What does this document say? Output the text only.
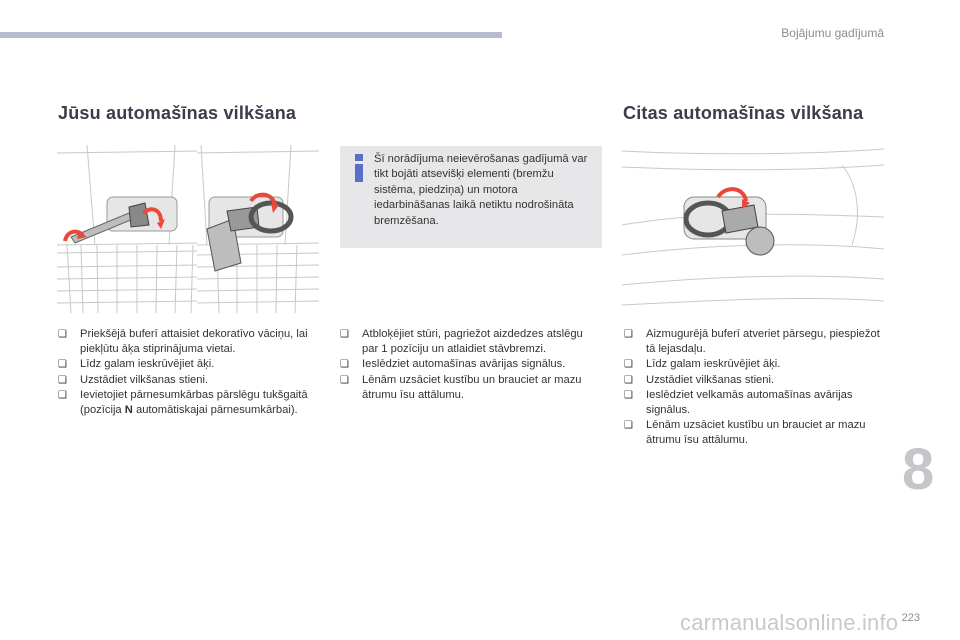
Bojājumu gadījumā
Jūsu automašīnas vilkšana	Citas automašīnas vilkšana

Šī norādījuma neievērošanas gadījumā var tikt bojāti atsevišķi elementi (bremžu sistēma, piedziņa) un motora iedarbināšanas laikā netiktu nodrošināta bremzēšana.

❑ Priekšējā buferī attaisiet dekoratīvo vāciņu, lai piekļūtu āķa stiprinājuma vietai.
❑ Līdz galam ieskrūvējiet āķi.
❑ Uzstādiet vilkšanas stieni.
❑ Ievietojiet pārnesumkārbas pārslēgu tukšgaitā (pozīcija N automātiskajai pārnesumkārbai).
❑ Atbloķējiet stūri, pagriežot aizdedzes atslēgu par 1 pozīciju un atlaidiet stāvbremzi.
❑ Ieslēdziet automašīnas avārijas signālus.
❑ Lēnām uzsāciet kustību un brauciet ar mazu ātrumu īsu attālumu.
❑ Aizmugurējā buferī atveriet pārsegu, piespiežot tā lejasdaļu.
❑ Līdz galam ieskrūvējiet āķi.
❑ Uzstādiet vilkšanas stieni.
❑ Ieslēdziet velkamās automašīnas avārijas signālus.
❑ Lēnām uzsāciet kustību un brauciet ar mazu ātrumu īsu attālumu.	8
carmanualsonline.info 223
